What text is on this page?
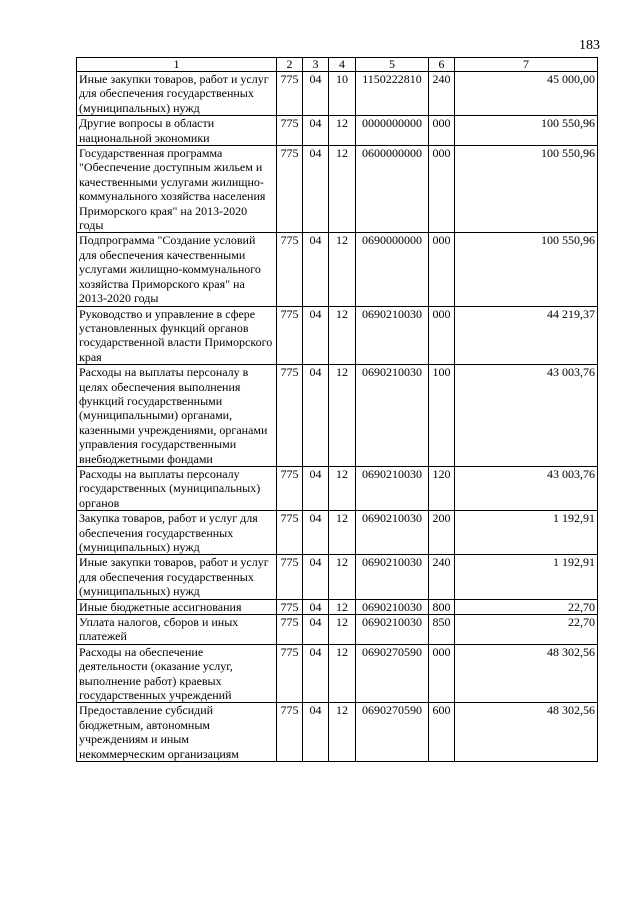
183
1	2	3	4	5	6	7
Иные закупки товаров, работ и услуг для обеспечения государственных (муниципальных) нужд	775	04	10	1150222810	240	45 000,00
Другие вопросы в области национальной экономики	775	04	12	0000000000	000	100 550,96
Государственная программа "Обеспечение доступным жильем и качественными услугами жилищно-коммунального хозяйства населения Приморского края" на 2013-2020 годы	775	04	12	0600000000	000	100 550,96
Подпрограмма "Создание условий для обеспечения качественными услугами жилищно-коммунального хозяйства Приморского края" на 2013-2020 годы	775	04	12	0690000000	000	100 550,96
Руководство и управление в сфере установленных функций органов государственной власти Приморского края	775	04	12	0690210030	000	44 219,37
Расходы на выплаты персоналу в целях обеспечения выполнения функций государственными (муниципальными) органами, казенными учреждениями, органами управления государственными внебюджетными фондами	775	04	12	0690210030	100	43 003,76
Расходы на выплаты персоналу государственных (муниципальных) органов	775	04	12	0690210030	120	43 003,76
Закупка товаров, работ и услуг для обеспечения государственных (муниципальных) нужд	775	04	12	0690210030	200	1 192,91
Иные закупки товаров, работ и услуг для обеспечения государственных (муниципальных) нужд	775	04	12	0690210030	240	1 192,91
Иные бюджетные ассигнования	775	04	12	0690210030	800	22,70
Уплата налогов, сборов и иных платежей	775	04	12	0690210030	850	22,70
Расходы на обеспечение деятельности (оказание услуг, выполнение работ) краевых государственных учреждений	775	04	12	0690270590	000	48 302,56
Предоставление субсидий бюджетным, автономным учреждениям и иным некоммерческим организациям	775	04	12	0690270590	600	48 302,56
